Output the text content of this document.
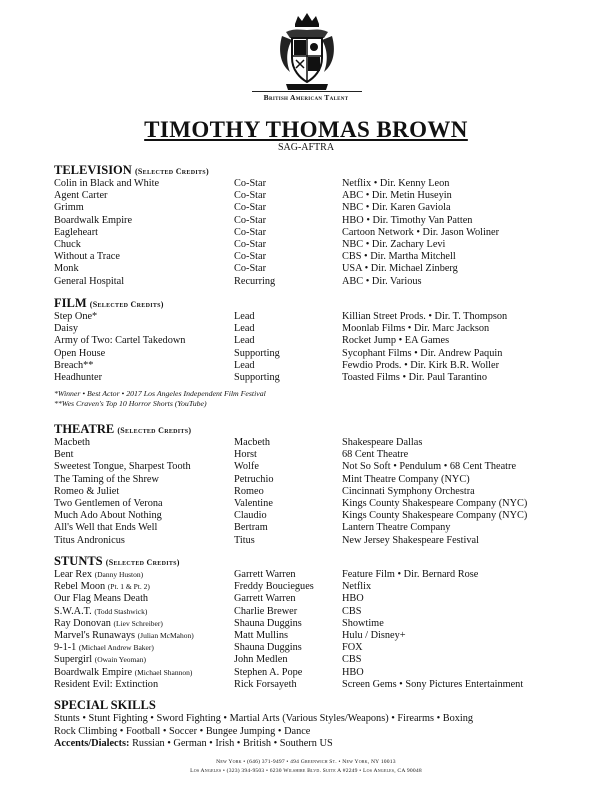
British American Talent
TIMOTHY THOMAS BROWN
SAG-AFTRA
TELEVISION (Selected Credits)
Colin in Black and White	Co-Star	Netflix • Dir. Kenny Leon
Agent Carter	Co-Star	ABC • Dir. Metin Huseyin
Grimm	Co-Star	NBC • Dir. Karen Gaviola
Boardwalk Empire	Co-Star	HBO • Dir. Timothy Van Patten
Eagleheart	Co-Star	Cartoon Network • Dir. Jason Woliner
Chuck	Co-Star	NBC • Dir. Zachary Levi
Without a Trace	Co-Star	CBS • Dir. Martha Mitchell
Monk	Co-Star	USA • Dir. Michael Zinberg
General Hospital	Recurring	ABC • Dir. Various
FILM (Selected Credits)
Step One*	Lead	Killian Street Prods. • Dir. T. Thompson
Daisy	Lead	Moonlab Films • Dir. Marc Jackson
Army of Two: Cartel Takedown	Lead	Rocket Jump • EA Games
Open House	Supporting	Sycophant Films • Dir. Andrew Paquin
Breach**	Lead	Fewdio Prods. • Dir. Kirk B.R. Woller
Headhunter	Supporting	Toasted Films • Dir. Paul Tarantino
*Winner • Best Actor • 2017 Los Angeles Independent Film Festival
**Wes Craven's Top 10 Horror Shorts (YouTube)
THEATRE (Selected Credits)
Macbeth	Macbeth	Shakespeare Dallas
Bent	Horst	68 Cent Theatre
Sweetest Tongue, Sharpest Tooth	Wolfe	Not So Soft • Pendulum • 68 Cent Theatre
The Taming of the Shrew	Petruchio	Mint Theatre Company (NYC)
Romeo & Juliet	Romeo	Cincinnati Symphony Orchestra
Two Gentlemen of Verona	Valentine	Kings County Shakespeare Company (NYC)
Much Ado About Nothing	Claudio	Kings County Shakespeare Company (NYC)
All's Well that Ends Well	Bertram	Lantern Theatre Company
Titus Andronicus	Titus	New Jersey Shakespeare Festival
STUNTS (Selected Credits)
Lear Rex (Danny Huston)	Garrett Warren	Feature Film • Dir. Bernard Rose
Rebel Moon (Pt. 1 & Pt. 2)	Freddy Bouciegues	Netflix
Our Flag Means Death	Garrett Warren	HBO
S.W.A.T. (Todd Stashwick)	Charlie Brewer	CBS
Ray Donovan (Liev Schreiber)	Shauna Duggins	Showtime
Marvel's Runaways (Julian McMahon)	Matt Mullins	Hulu / Disney+
9-1-1 (Michael Andrew Baker)	Shauna Duggins	FOX
Supergirl (Owain Yeoman)	John Medlen	CBS
Boardwalk Empire (Michael Shannon)	Stephen A. Pope	HBO
Resident Evil: Extinction	Rick Forsayeth	Screen Gems • Sony Pictures Entertainment
SPECIAL SKILLS
Stunts • Stunt Fighting • Sword Fighting • Martial Arts (Various Styles/Weapons) • Firearms • Boxing
Rock Climbing • Football • Soccer • Bungee Jumping • Dance
Accents/Dialects: Russian • German • Irish • British • Southern US
New York • (646) 371-9497 • 494 Greenwich St. • New York, NY 10013
Los Angeles • (323) 394-9503 • 6230 Wilshire Blvd. Suite A #2249 • Los Angeles, CA 90048
